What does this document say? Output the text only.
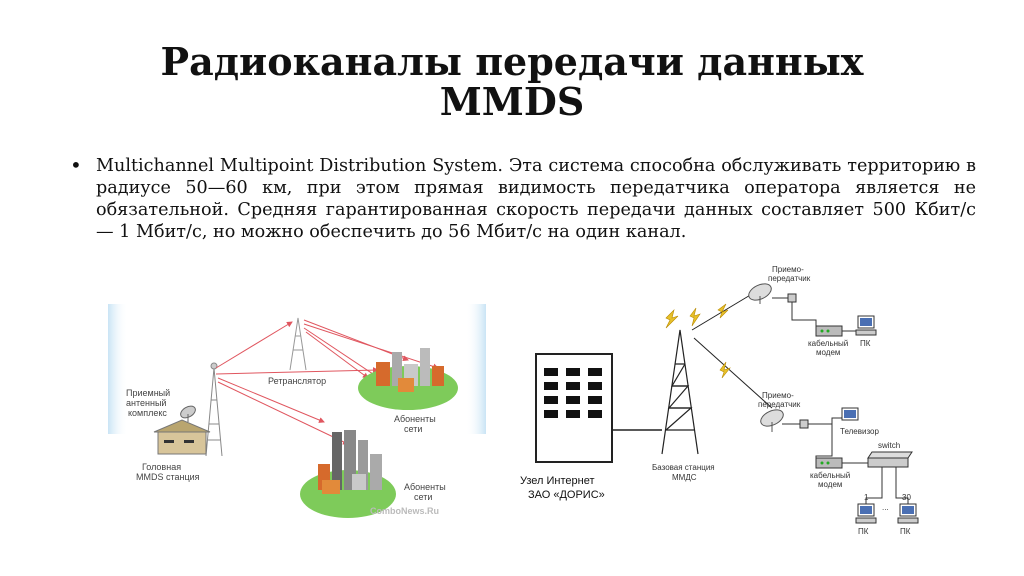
Радиоканалы передачи данных
MMDS
• Multichannel Multipoint Distribution System. Эта система способна обслуживать территорию в радиусе 50—60 км, при этом прямая видимость передатчика оператора является не обязательной. Средняя гарантированная скорость передачи данных составляет 500 Кбит/с — 1 Мбит/с, но можно обеспечить до 56 Мбит/с на один канал.
Приемный
антенный
комплекс
Головная
MMDS станция
Ретранслятор
Абоненты
сети
Абоненты
сети
ComboNews.Ru
Приемо-
передатчик
кабельный
модем
ПК
Узел Интернет
ЗАО «ДОРИС»
Базовая станция
ММДС
Приемо-
передатчик
Телевизор
switch
кабельный
модем
1	30
...
ПК	ПК
